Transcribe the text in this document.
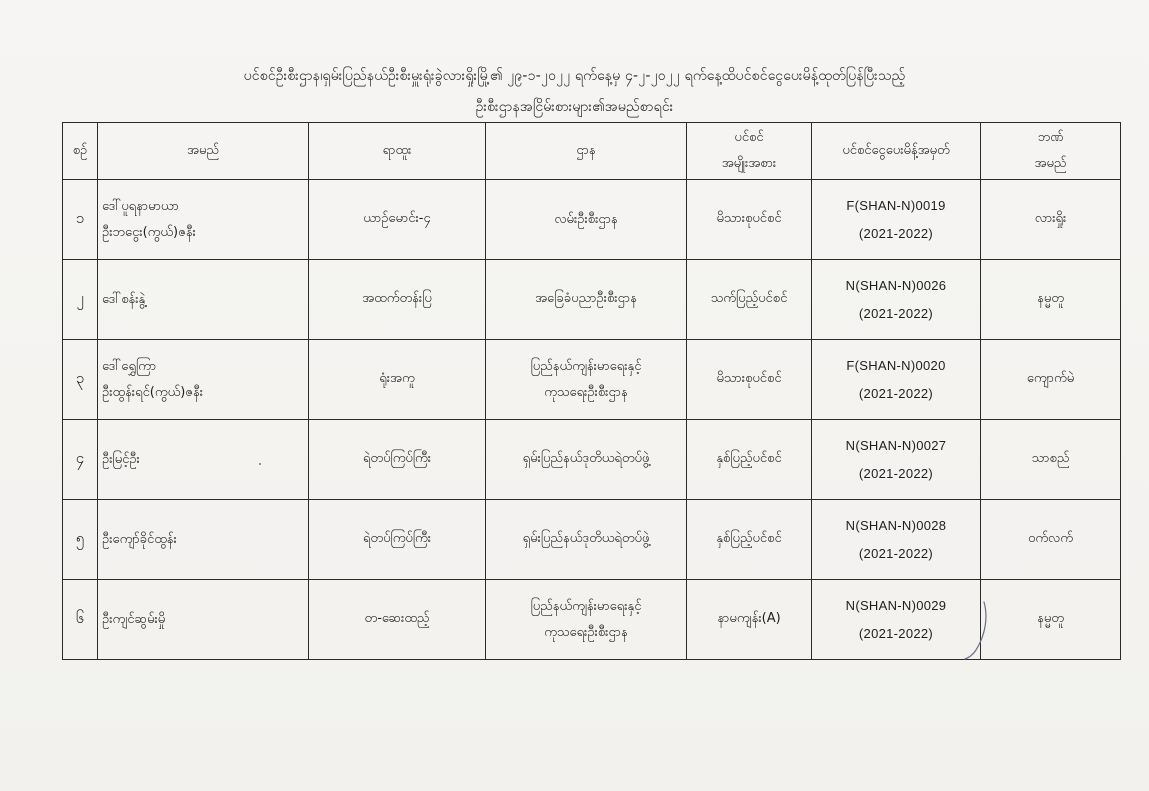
ပင်စင်ဦးစီးဌာန၊ရှမ်းပြည်နယ်ဦးစီးမှူးရုံးခွဲလားရှိုးမြို့၏ ၂၉-၁-၂၀၂၂ ရက်နေ့မှ ၄-၂-၂၀၂၂ ရက်နေ့ထိပင်စင်ငွေပေးမိန့်ထုတ်ပြန်ပြီးသည့်
ဦးစီးဌာနအငြိမ်းစားများ၏အမည်စာရင်း
စဉ်	အမည်	ရာထူး	ဌာန	ပင်စင်
အမျိုးအစား	ပင်စင်ငွေပေးမိန့်အမှတ်	ဘဏ်
အမည်
၁	ဒေါ်ပူရနာမာယာ
ဦးဘငွေး(ကွယ်)ဇနီး	ယာဉ်မောင်း-၄	လမ်းဦးစီးဌာန	မိသားစုပင်စင်	F(SHAN-N)0019
(2021-2022)	လားရှိုး
၂	ဒေါ်စန်းနွဲ့	အထက်တန်းပြ	အခြေခံပညာဦးစီးဌာန	သက်ပြည့်ပင်စင်	N(SHAN-N)0026
(2021-2022)	နမ္မတူ
၃	ဒေါ်ရွှေကြာ
ဦးထွန်းရင်(ကွယ်)ဇနီး	ရုံးအကူ	ပြည်နယ်ကျန်းမာရေးနှင့်
ကုသရေးဦးစီးဌာန	မိသားစုပင်စင်	F(SHAN-N)0020
(2021-2022)	ကျောက်မဲ
၄	ဦးမြင့်ဦး	ရဲတပ်ကြပ်ကြီး	ရှမ်းပြည်နယ်ဒုတိယရဲတပ်ဖွဲ့	နှစ်ပြည့်ပင်စင်	N(SHAN-N)0027
(2021-2022)	သာစည်
၅	ဦးကျော်ခိုင်ထွန်း	ရဲတပ်ကြပ်ကြီး	ရှမ်းပြည်နယ်ဒုတိယရဲတပ်ဖွဲ့	နှစ်ပြည့်ပင်စင်	N(SHAN-N)0028
(2021-2022)	ဝက်လက်
၆	ဦးကျင်ဆွမ်းမှို	တ-ဆေးထည့်	ပြည်နယ်ကျန်းမာရေးနှင့်
ကုသရေးဦးစီးဌာန	နာမကျန်း(A)	N(SHAN-N)0029
(2021-2022)	နမ္မတူ
